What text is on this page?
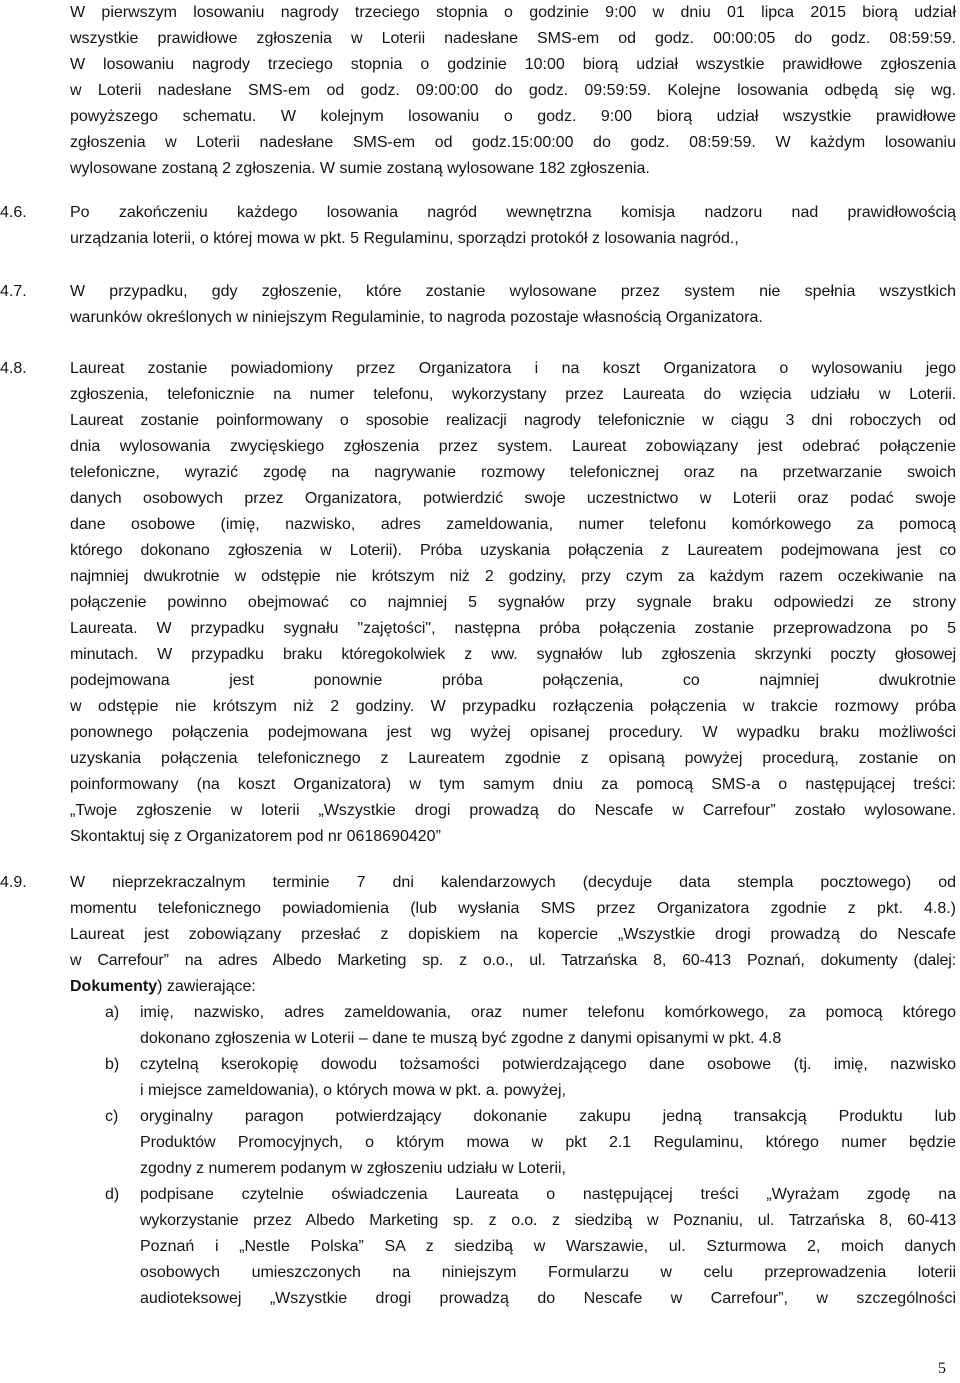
W pierwszym losowaniu nagrody trzeciego stopnia o godzinie 9:00 w dniu 01 lipca 2015 biorą udział
wszystkie prawidłowe zgłoszenia w Loterii nadesłane SMS-em od godz. 00:00:05 do godz. 08:59:59.
W losowaniu nagrody trzeciego stopnia o godzinie 10:00 biorą udział wszystkie prawidłowe zgłoszenia
w Loterii nadesłane SMS-em od godz. 09:00:00 do godz. 09:59:59. Kolejne losowania odbędą się wg.
powyższego schematu. W kolejnym losowaniu o godz. 9:00 biorą udział wszystkie prawidłowe
zgłoszenia w Loterii nadesłane SMS-em od godz.15:00:00 do godz. 08:59:59. W każdym losowaniu
wylosowane zostaną 2 zgłoszenia. W sumie zostaną wylosowane 182 zgłoszenia.
4.6.	Po zakończeniu każdego losowania nagród wewnętrzna komisja nadzoru nad prawidłowością
urządzania loterii, o której mowa w pkt. 5 Regulaminu, sporządzi protokół z losowania nagród.,
4.7.	W przypadku, gdy zgłoszenie, które zostanie wylosowane przez system nie spełnia wszystkich
warunków określonych w niniejszym Regulaminie, to nagroda pozostaje własnością Organizatora.
4.8.	Laureat zostanie powiadomiony przez Organizatora i na koszt Organizatora o wylosowaniu jego
zgłoszenia, telefonicznie na numer telefonu, wykorzystany przez Laureata do wzięcia udziału w Loterii.
Laureat zostanie poinformowany o sposobie realizacji nagrody telefonicznie w ciągu 3 dni roboczych od
dnia wylosowania zwycięskiego zgłoszenia przez system. Laureat zobowiązany jest odebrać połączenie
telefoniczne, wyrazić zgodę na nagrywanie rozmowy telefonicznej oraz na przetwarzanie swoich
danych osobowych przez Organizatora, potwierdzić swoje uczestnictwo w Loterii oraz podać swoje
dane osobowe (imię, nazwisko, adres zameldowania, numer telefonu komórkowego za pomocą
którego dokonano zgłoszenia w Loterii). Próba uzyskania połączenia z Laureatem podejmowana jest co
najmniej dwukrotnie w odstępie nie krótszym niż 2 godziny, przy czym za każdym razem oczekiwanie na
połączenie powinno obejmować co najmniej 5 sygnałów przy sygnale braku odpowiedzi ze strony
Laureata. W przypadku sygnału "zajętości", następna próba połączenia zostanie przeprowadzona po 5
minutach. W przypadku braku któregokolwiek z ww. sygnałów lub zgłoszenia skrzynki poczty głosowej
podejmowana jest ponownie próba połączenia, co najmniej dwukrotnie
w odstępie nie krótszym niż 2 godziny. W przypadku rozłączenia połączenia w trakcie rozmowy próba
ponownego połączenia podejmowana jest wg wyżej opisanej procedury. W wypadku braku możliwości
uzyskania połączenia telefonicznego z Laureatem zgodnie z opisaną powyżej procedurą, zostanie on
poinformowany (na koszt Organizatora) w tym samym dniu za pomocą SMS-a o następującej treści:
„Twoje zgłoszenie w loterii „Wszystkie drogi prowadzą do Nescafe w Carrefour” zostało wylosowane.
Skontaktuj się z Organizatorem pod nr 0618690420”
4.9.	W nieprzekraczalnym terminie 7 dni kalendarzowych (decyduje data stempla pocztowego) od
momentu telefonicznego powiadomienia (lub wysłania SMS przez Organizatora zgodnie z pkt. 4.8.)
Laureat jest zobowiązany przesłać z dopiskiem na kopercie „Wszystkie drogi prowadzą do Nescafe
w Carrefour” na adres Albedo Marketing sp. z o.o., ul. Tatrzańska 8, 60-413 Poznań, dokumenty (dalej:
Dokumenty) zawierające:
a)	imię, nazwisko, adres zameldowania, oraz numer telefonu komórkowego, za pomocą którego
dokonano zgłoszenia w Loterii – dane te muszą być zgodne z danymi opisanymi w pkt. 4.8
b)	czytelną kserokopię dowodu tożsamości potwierdzającego dane osobowe (tj. imię, nazwisko
i miejsce zameldowania), o których mowa w pkt. a. powyżej,
c)	oryginalny paragon potwierdzający dokonanie zakupu jedną transakcją Produktu lub
Produktów Promocyjnych, o którym mowa w pkt 2.1 Regulaminu, którego numer będzie
zgodny z numerem podanym w zgłoszeniu udziału w Loterii,
d)	podpisane czytelnie oświadczenia Laureata o następującej treści „Wyrażam zgodę na
wykorzystanie przez Albedo Marketing sp. z o.o. z siedzibą w Poznaniu, ul. Tatrzańska 8, 60-413
Poznań i „Nestle Polska” SA z siedzibą w Warszawie, ul. Szturmowa 2, moich danych
osobowych umieszczonych na niniejszym Formularzu w celu przeprowadzenia loterii
audioteksowej „Wszystkie drogi prowadzą do Nescafe w Carrefour”, w szczególności
5
